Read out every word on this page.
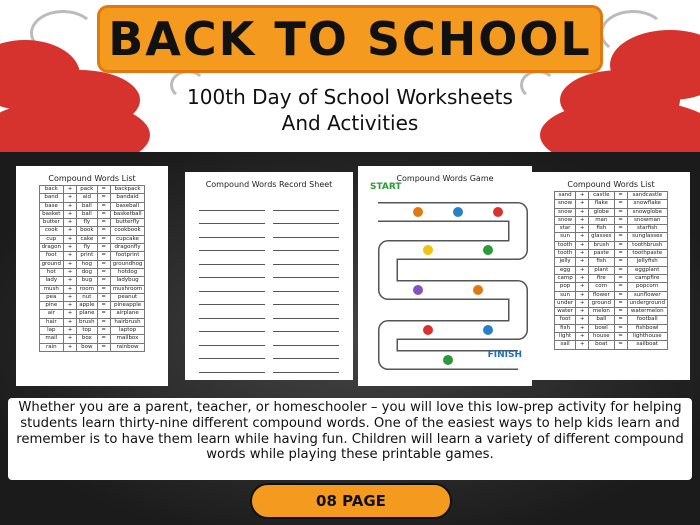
BACK TO SCHOOL
100th Day of School Worksheets
And Activities
Compound Words List
back	+	pack	=	backpack
band	+	aid	=	bandaid
base	+	ball	=	baseball
basket	+	ball	=	basketball
butter	+	fly	=	butterfly
cook	+	book	=	cookbook
cup	+	cake	=	cupcake
dragon	+	fly	=	dragonfly
foot	+	print	=	footprint
ground	+	hog	=	groundhog
hot	+	dog	=	hotdog
lady	+	bug	=	ladybug
mush	+	room	=	mushroom
pea	+	nut	=	peanut
pine	+	apple	=	pineapple
air	+	plane	=	airplane
hair	+	brush	=	hairbrush
lap	+	top	=	laptop
mail	+	box	=	mailbox
rain	+	bow	=	rainbow
Compound Words Record Sheet
Compound Words Game
START
FINISH
Compound Words List
sand	+	castle	=	sandcastle
snow	+	flake	=	snowflake
snow	+	globe	=	snowglobe
snow	+	man	=	snowman
star	+	fish	=	starfish
sun	+	glasses	=	sunglasses
tooth	+	brush	=	toothbrush
tooth	+	paste	=	toothpaste
jelly	+	fish	=	jellyfish
egg	+	plant	=	eggplant
camp	+	fire	=	campfire
pop	+	corn	=	popcorn
sun	+	flower	=	sunflower
under	+	ground	=	underground
water	+	melon	=	watermelon
foot	+	ball	=	football
fish	+	bowl	=	fishbowl
light	+	house	=	lighthouse
sail	+	boat	=	sailboat
Whether you are a parent, teacher, or homeschooler – you will love this low-prep activity for helping students learn thirty-nine different compound words. One of the easiest ways to help kids learn and remember is to have them learn while having fun. Children will learn a variety of different compound words while playing these printable games.
08 PAGE
